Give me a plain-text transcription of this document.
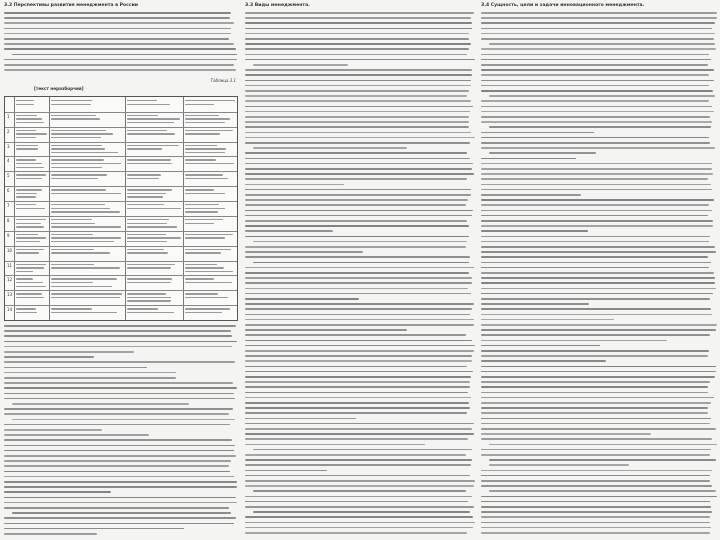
3.2 Перспективы развития менеджмента в России
Таблица 3.1
[текст неразборчив]
1
2
3
4
5
6
7
8
9
10
11
12
13
14
3.3 Виды менеджмента.	3.4 Сущность, цели и задачи инновационного менеджмента.
